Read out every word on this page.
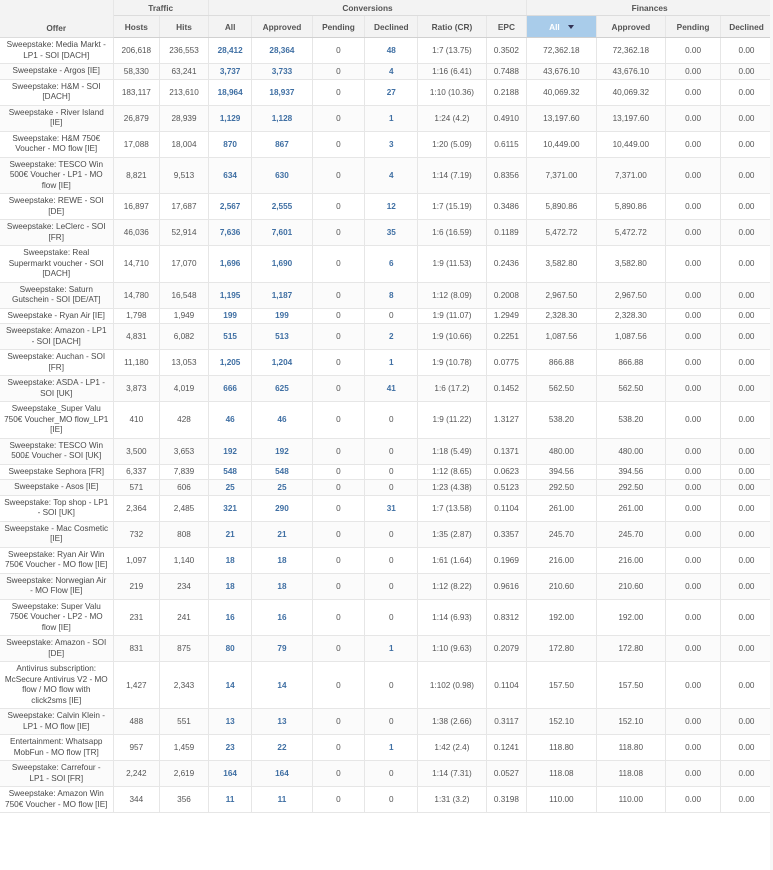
Offer	Traffic		Conversions						Finances			
	Hosts	Hits	All	Approved	Pending	Declined	Ratio (CR)	EPC	All	Approved	Pending	Declined
Sweepstake: Media Markt - LP1 - SOI [DACH]	206,618	236,553	28,412	28,364	0	48	1:7 (13.75)	0.3502	72,362.18	72,362.18	0.00	0.00
Sweepstake - Argos [IE]	58,330	63,241	3,737	3,733	0	4	1:16 (6.41)	0.7488	43,676.10	43,676.10	0.00	0.00
Sweepstake: H&M - SOI [DACH]	183,117	213,610	18,964	18,937	0	27	1:10 (10.36)	0.2188	40,069.32	40,069.32	0.00	0.00
Sweepstake - River Island [IE]	26,879	28,939	1,129	1,128	0	1	1:24 (4.2)	0.4910	13,197.60	13,197.60	0.00	0.00
Sweepstake: H&M 750€ Voucher - MO flow [IE]	17,088	18,004	870	867	0	3	1:20 (5.09)	0.6115	10,449.00	10,449.00	0.00	0.00
Sweepstake: TESCO Win 500€ Voucher - LP1 - MO flow [IE]	8,821	9,513	634	630	0	4	1:14 (7.19)	0.8356	7,371.00	7,371.00	0.00	0.00
Sweepstake: REWE - SOI [DE]	16,897	17,687	2,567	2,555	0	12	1:7 (15.19)	0.3486	5,890.86	5,890.86	0.00	0.00
Sweepstake: LeClerc - SOI [FR]	46,036	52,914	7,636	7,601	0	35	1:6 (16.59)	0.1189	5,472.72	5,472.72	0.00	0.00
Sweepstake: Real Supermarkt voucher - SOI [DACH]	14,710	17,070	1,696	1,690	0	6	1:9 (11.53)	0.2436	3,582.80	3,582.80	0.00	0.00
Sweepstake: Saturn Gutschein - SOI [DE/AT]	14,780	16,548	1,195	1,187	0	8	1:12 (8.09)	0.2008	2,967.50	2,967.50	0.00	0.00
Sweepstake - Ryan Air [IE]	1,798	1,949	199	199	0	0	1:9 (11.07)	1.2949	2,328.30	2,328.30	0.00	0.00
Sweepstake: Amazon - LP1 - SOI [DACH]	4,831	6,082	515	513	0	2	1:9 (10.66)	0.2251	1,087.56	1,087.56	0.00	0.00
Sweepstake: Auchan - SOI [FR]	11,180	13,053	1,205	1,204	0	1	1:9 (10.78)	0.0775	866.88	866.88	0.00	0.00
Sweepstake: ASDA - LP1 - SOI [UK]	3,873	4,019	666	625	0	41	1:6 (17.2)	0.1452	562.50	562.50	0.00	0.00
Sweepstake_Super Valu 750€ Voucher_MO flow_LP1 [IE]	410	428	46	46	0	0	1:9 (11.22)	1.3127	538.20	538.20	0.00	0.00
Sweepstake: TESCO Win 500£ Voucher - SOI [UK]	3,500	3,653	192	192	0	0	1:18 (5.49)	0.1371	480.00	480.00	0.00	0.00
Sweepstake Sephora [FR]	6,337	7,839	548	548	0	0	1:12 (8.65)	0.0623	394.56	394.56	0.00	0.00
Sweepstake - Asos [IE]	571	606	25	25	0	0	1:23 (4.38)	0.5123	292.50	292.50	0.00	0.00
Sweepstake: Top shop - LP1 - SOI [UK]	2,364	2,485	321	290	0	31	1:7 (13.58)	0.1104	261.00	261.00	0.00	0.00
Sweepstake - Mac Cosmetic [IE]	732	808	21	21	0	0	1:35 (2.87)	0.3357	245.70	245.70	0.00	0.00
Sweepstake: Ryan Air Win 750€ Voucher - MO flow [IE]	1,097	1,140	18	18	0	0	1:61 (1.64)	0.1969	216.00	216.00	0.00	0.00
Sweepstake: Norwegian Air - MO Flow [IE]	219	234	18	18	0	0	1:12 (8.22)	0.9616	210.60	210.60	0.00	0.00
Sweepstake: Super Valu 750€ Voucher - LP2 - MO flow [IE]	231	241	16	16	0	0	1:14 (6.93)	0.8312	192.00	192.00	0.00	0.00
Sweepstake: Amazon - SOI [DE]	831	875	80	79	0	1	1:10 (9.63)	0.2079	172.80	172.80	0.00	0.00
Antivirus subscription: McSecure Antivirus V2 - MO flow / MO flow with click2sms [IE]	1,427	2,343	14	14	0	0	1:102 (0.98)	0.1104	157.50	157.50	0.00	0.00
Sweepstake: Calvin Klein - LP1 - MO flow [IE]	488	551	13	13	0	0	1:38 (2.66)	0.3117	152.10	152.10	0.00	0.00
Entertainment: Whatsapp MobFun - MO flow [TR]	957	1,459	23	22	0	1	1:42 (2.4)	0.1241	118.80	118.80	0.00	0.00
Sweepstake: Carrefour - LP1 - SOI [FR]	2,242	2,619	164	164	0	0	1:14 (7.31)	0.0527	118.08	118.08	0.00	0.00
Sweepstake: Amazon Win 750€ Voucher - MO flow [IE]	344	356	11	11	0	0	1:31 (3.2)	0.3198	110.00	110.00	0.00	0.00
